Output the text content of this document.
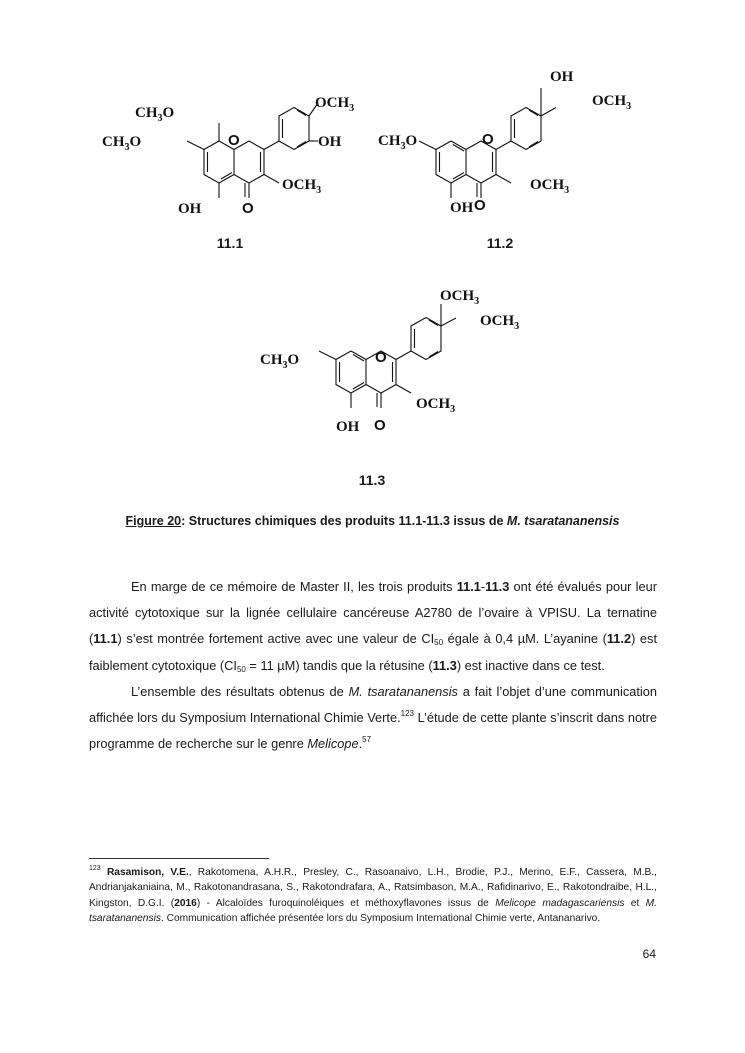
$CH_3O$
$CH_3O$	O
O
OH
$OCH_3$
$OCH_3$
OH
11.1
$CH_3O$	O
O
OH
$OCH_3$
OH
$OCH_3$
11.2
$CH_3O$	O
O
OH
$OCH_3$
$OCH_3$
$OCH_3$
11.3
Figure 20: Structures chimiques des produits 11.1-11.3 issus de M. tsaratananensis

En marge de ce mémoire de Master II, les trois produits 11.1-11.3 ont été évalués pour leur activité cytotoxique sur la lignée cellulaire cancéreuse A2780 de l’ovaire à VPISU. La ternatine (11.1) s’est montrée fortement active avec une valeur de $CI_{50}$ égale à 0,4 µM. L’ayanine (11.2) est faiblement cytotoxique ($CI_{50} = 11$ µM) tandis que la rétusine (11.3) est inactive dans ce test.

L’ensemble des résultats obtenus de M. tsaratananensis a fait l’objet d’une communication affichée lors du Symposium International Chimie Verte.$^{123}$ L’étude de cette plante s’inscrit dans notre programme de recherche sur le genre Melicope.$^{57}$

$^{123}$ Rasamison, V.E., Rakotomena, A.H.R., Presley, C., Rasoanaivo, L.H., Brodie, P.J., Merino, E.F., Cassera, M.B., Andrianjakaniaina, M., Rakotonandrasana, S., Rakotondrafara, A., Ratsimbason, M.A., Rafidinarivo, E., Rakotondraibe, H.L., Kingston, D.G.I. (2016) - Alcaloïdes furoquinoléiques et méthoxyflavones issus de Melicope madagascariensis et M. tsaratananensis. Communication affichée présentée lors du Symposium International Chimie verte, Antananarivo.
64
